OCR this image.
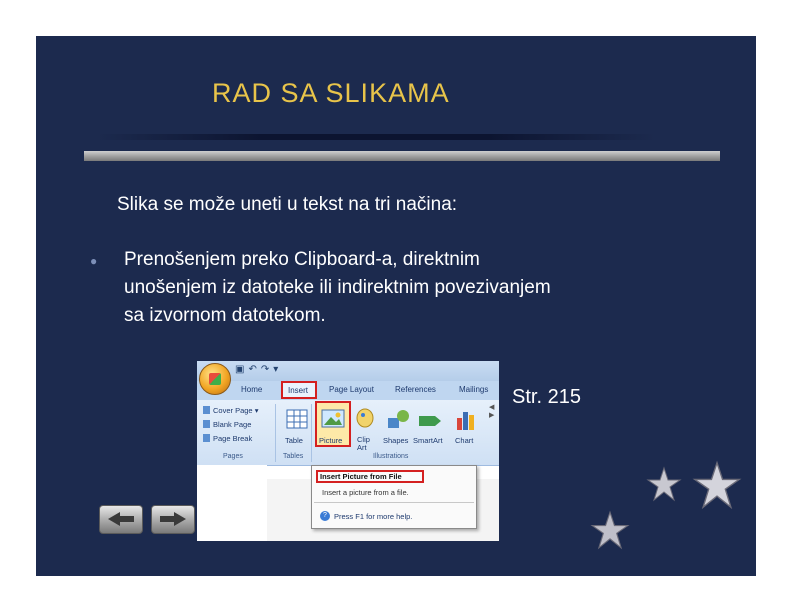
RAD SA SLIKAMA
Slika se može uneti u tekst na tri načina:
● Prenošenjem preko Clipboard-a, direktnim
unošenjem iz datoteke ili indirektnim povezivanjem
sa izvornom datotekom.
▣↶↷▾
Home	Page Layout	References	Mailings
Insert
Cover Page ▾
Blank Page
Page Break
Pages
Table
Tables	Illustrations
Picture Clip Art
Shapes SmartArt Chart
◀
▶
Insert Picture from File
Insert a picture from a file.
? Press F1 for more help.
Str. 215
